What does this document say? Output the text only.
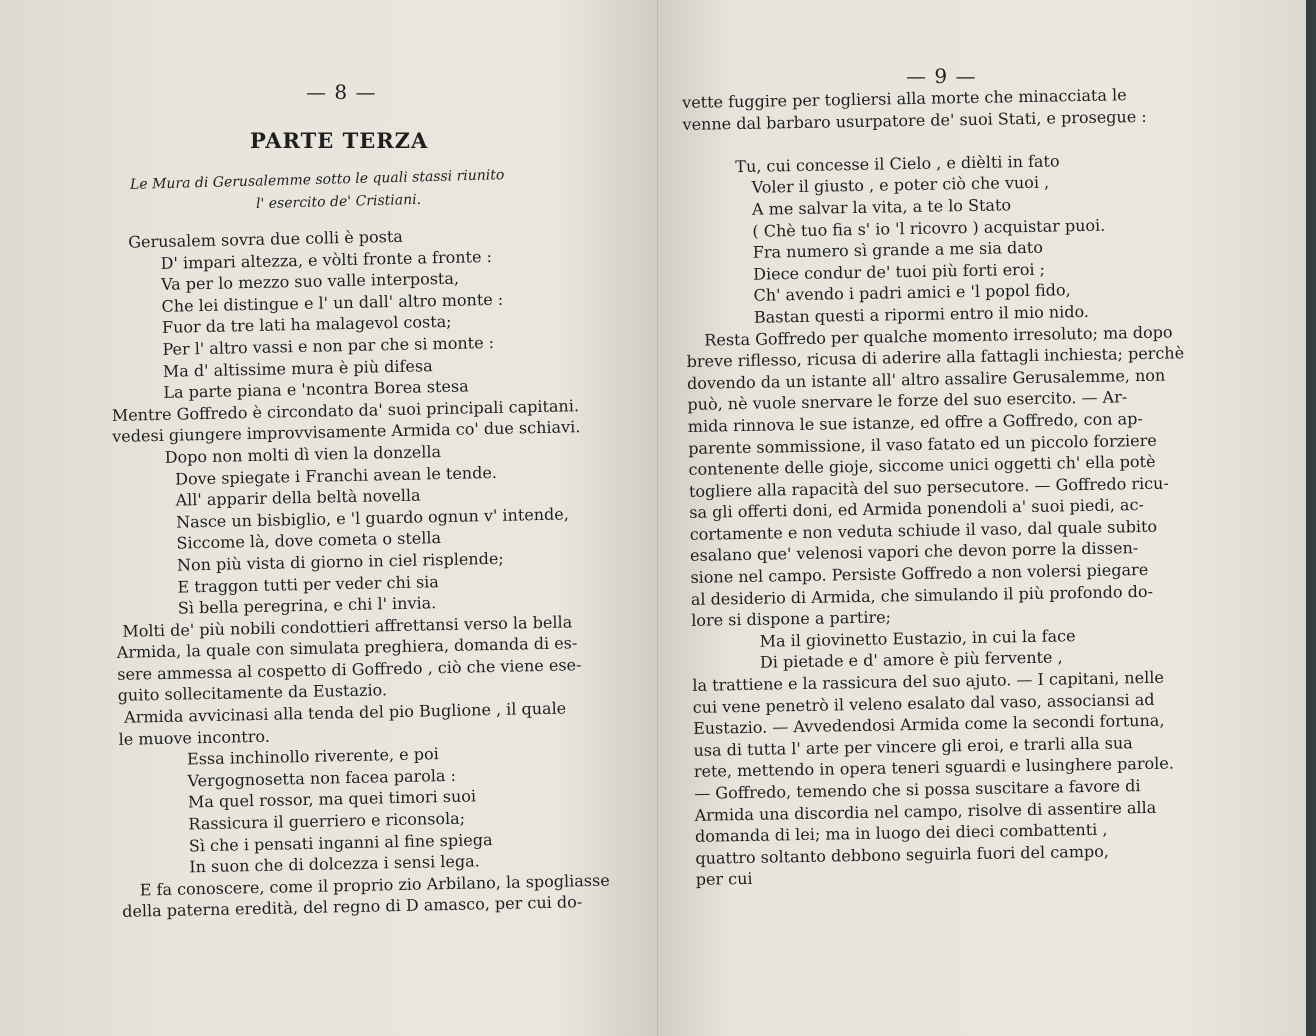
— 8 —
PARTE TERZA
Le Mura di Gerusalemme sotto le quali stassi riunito
l' esercito de' Cristiani.
Gerusalem sovra due colli è posta
D' impari altezza, e vòlti fronte a fronte :
Va per lo mezzo suo valle interposta,
Che lei distingue e l' un dall' altro monte :
Fuor da tre lati ha malagevol costa;
Per l' altro vassi e non par che si monte :
Ma d' altissime mura è più difesa
La parte piana e 'ncontra Borea stesa
Mentre Goffredo è circondato da' suoi principali capitani.
vedesi giungere improvvisamente Armida co' due schiavi.
Dopo non molti dì vien la donzella
Dove spiegate i Franchi avean le tende.
All' apparir della beltà novella
Nasce un bisbiglio, e 'l guardo ognun v' intende,
Siccome là, dove cometa o stella
Non più vista di giorno in ciel risplende;
E traggon tutti per veder chi sia
Sì bella peregrina, e chi l' invia.
Molti de' più nobili condottieri affrettansi verso la bella
Armida, la quale con simulata preghiera, domanda di es-
sere ammessa al cospetto di Goffredo , ciò che viene ese-
guito sollecitamente da Eustazio.
Armida avvicinasi alla tenda del pio Buglione , il quale
le muove incontro.
Essa inchinollo riverente, e poi
Vergognosetta non facea parola :
Ma quel rossor, ma quei timori suoi
Rassicura il guerriero e riconsola;
Sì che i pensati inganni al fine spiega
In suon che di dolcezza i sensi lega.
E fa conoscere, come il proprio zio Arbilano, la spogliasse
della paterna eredità, del regno di D amasco, per cui do-
— 9 —
vette fuggire per togliersi alla morte che minacciata le
venne dal barbaro usurpatore de' suoi Stati, e prosegue :
Tu, cui concesse il Cielo , e dièlti in fato
Voler il giusto , e poter ciò che vuoi ,
A me salvar la vita, a te lo Stato
( Chè tuo fia s' io 'l ricovro ) acquistar puoi.
Fra numero sì grande a me sia dato
Diece condur de' tuoi più forti eroi ;
Ch' avendo i padri amici e 'l popol fido,
Bastan questi a ripormi entro il mio nido.
Resta Goffredo per qualche momento irresoluto; ma dopo
breve riflesso, ricusa di aderire alla fattagli inchiesta; perchè
dovendo da un istante all' altro assalire Gerusalemme, non
può, nè vuole snervare le forze del suo esercito. — Ar-
mida rinnova le sue istanze, ed offre a Goffredo, con ap-
parente sommissione, il vaso fatato ed un piccolo forziere
contenente delle gioje, siccome unici oggetti ch' ella potè
togliere alla rapacità del suo persecutore. — Goffredo ricu-
sa gli offerti doni, ed Armida ponendoli a' suoi piedi, ac-
cortamente e non veduta schiude il vaso, dal quale subito
esalano que' velenosi vapori che devon porre la dissen-
sione nel campo. Persiste Goffredo a non volersi piegare
al desiderio di Armida, che simulando il più profondo do-
lore si dispone a partire;
Ma il giovinetto Eustazio, in cui la face
Di pietade e d' amore è più fervente ,
la trattiene e la rassicura del suo ajuto. — I capitani, nelle
cui vene penetrò il veleno esalato dal vaso, associansi ad
Eustazio. — Avvedendosi Armida come la secondi fortuna,
usa di tutta l' arte per vincere gli eroi, e trarli alla sua
rete, mettendo in opera teneri sguardi e lusinghere parole.
— Goffredo, temendo che si possa suscitare a favore di
Armida una discordia nel campo, risolve di assentire alla
domanda di lei; ma in luogo dei dieci combattenti ,
quattro soltanto debbono seguirla fuori del campo,
per cui
